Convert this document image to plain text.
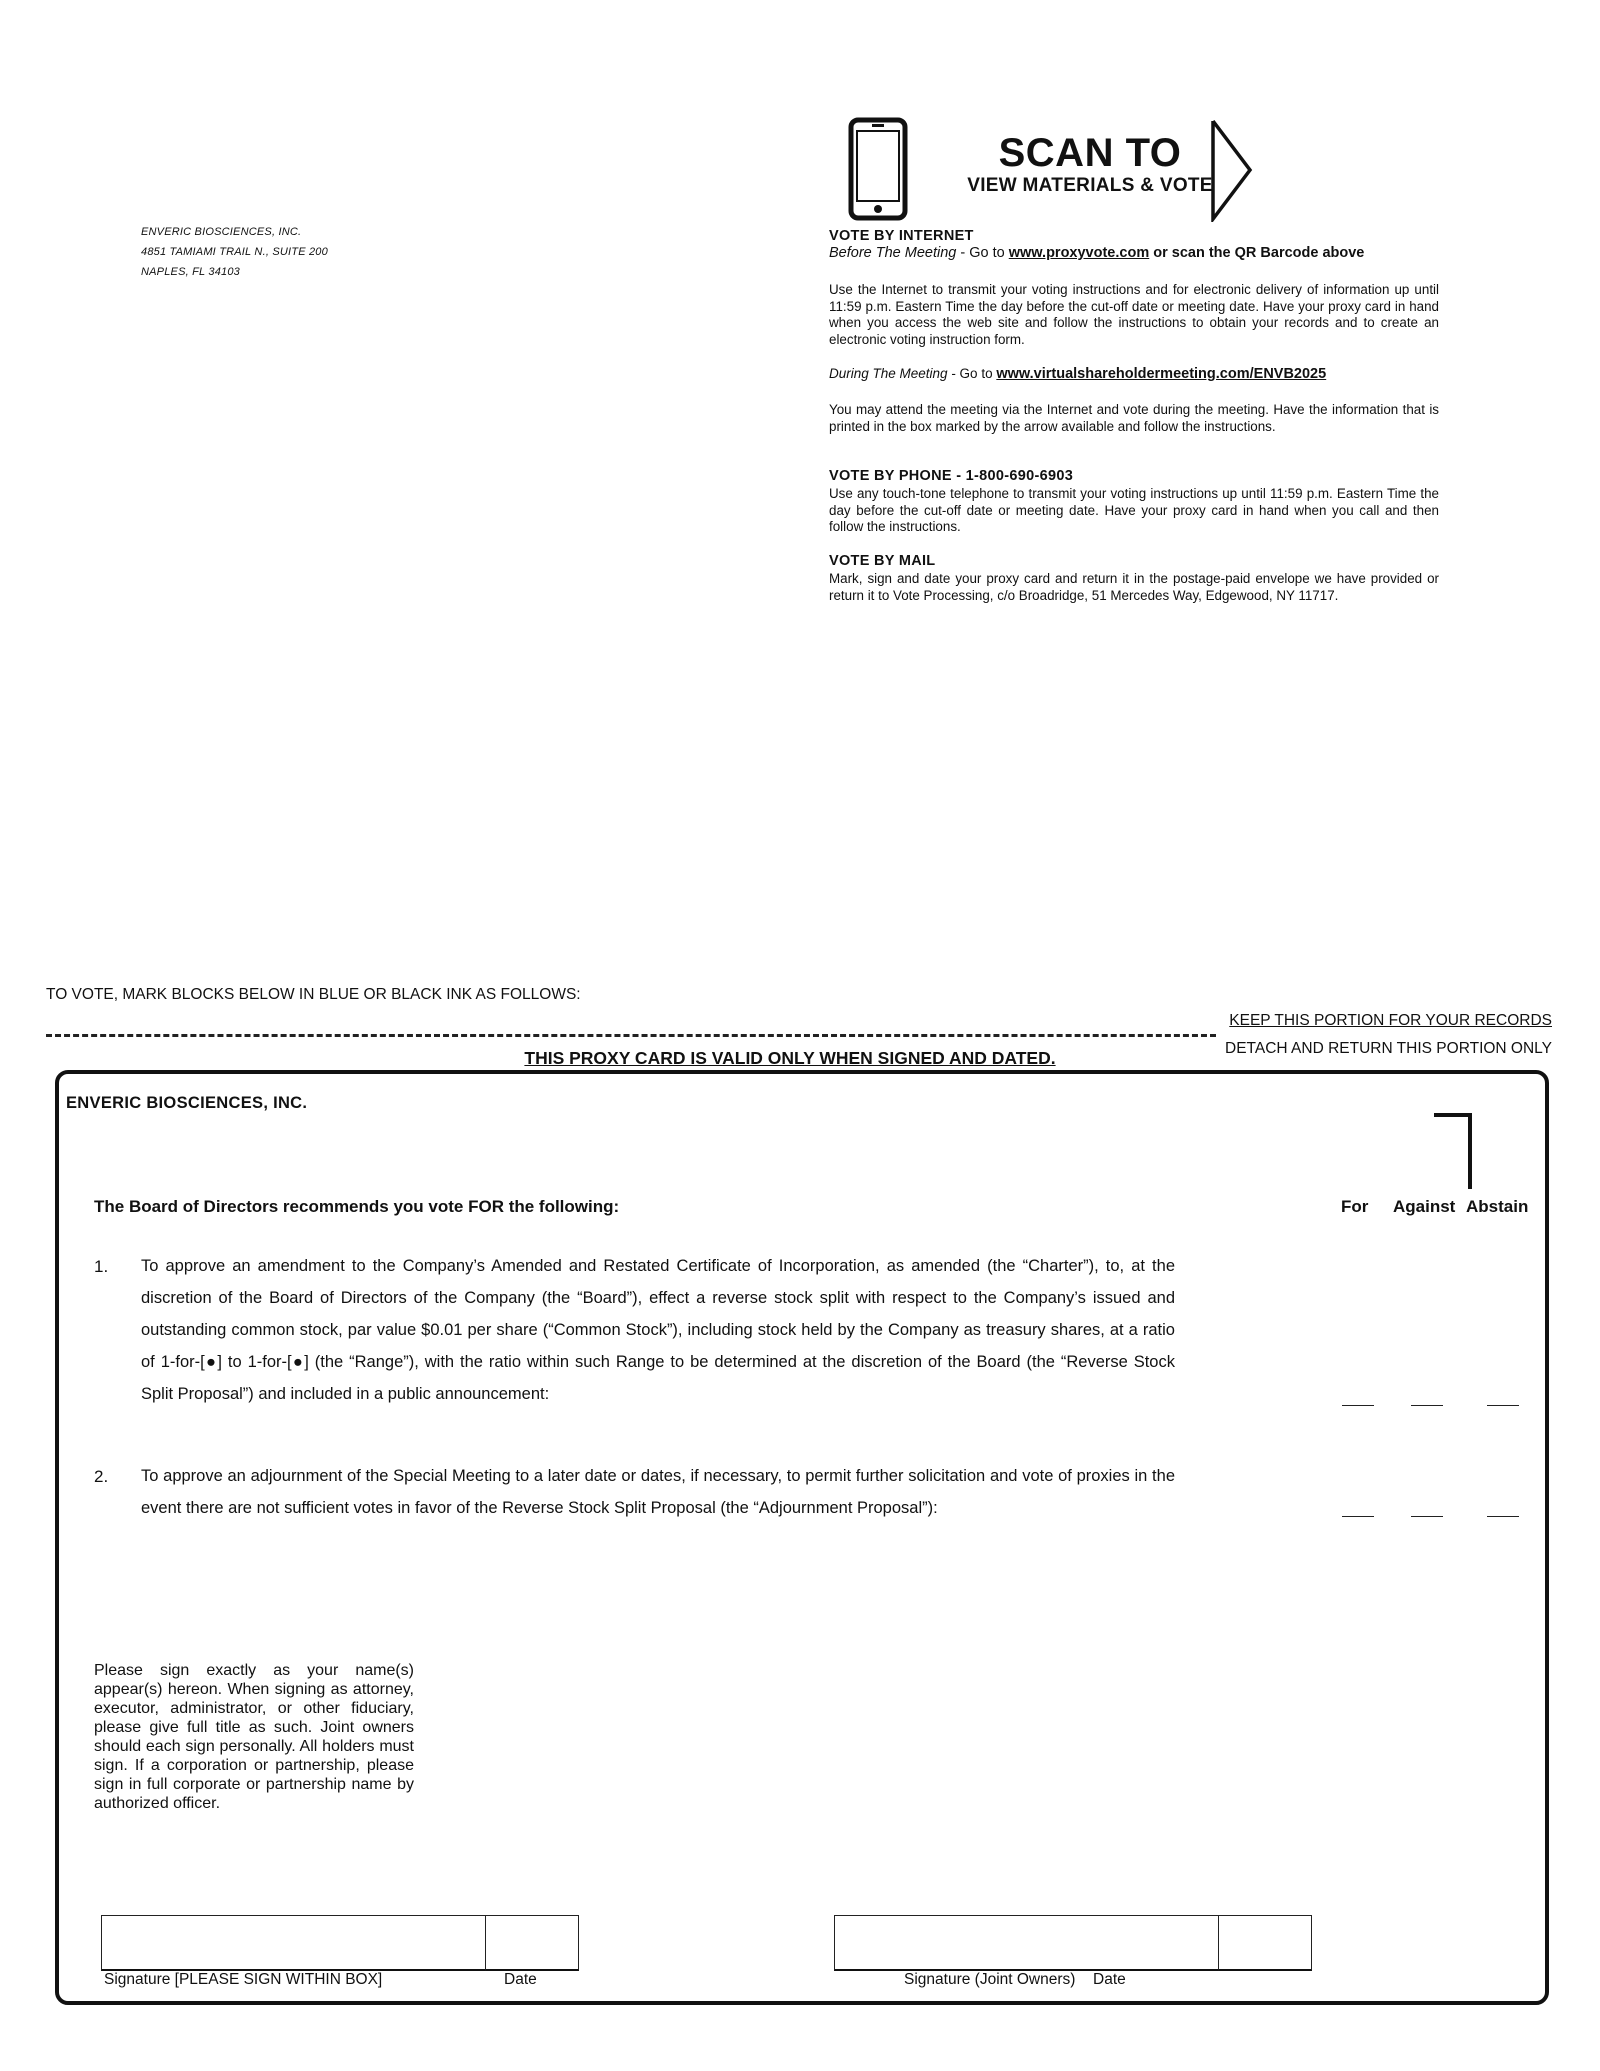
ENVERIC BIOSCIENCES, INC.
4851 TAMIAMI TRAIL N., SUITE 200
NAPLES, FL 34103
SCAN TO
VIEW MATERIALS & VOTE
VOTE BY INTERNET
Before The Meeting - Go to www.proxyvote.com or scan the QR Barcode above
Use the Internet to transmit your voting instructions and for electronic delivery of information up until 11:59 p.m. Eastern Time the day before the cut-off date or meeting date. Have your proxy card in hand when you access the web site and follow the instructions to obtain your records and to create an electronic voting instruction form.
During The Meeting - Go to www.virtualshareholdermeeting.com/ENVB2025
You may attend the meeting via the Internet and vote during the meeting. Have the information that is printed in the box marked by the arrow available and follow the instructions.
VOTE BY PHONE - 1-800-690-6903
Use any touch-tone telephone to transmit your voting instructions up until 11:59 p.m. Eastern Time the day before the cut-off date or meeting date. Have your proxy card in hand when you call and then follow the instructions.
VOTE BY MAIL
Mark, sign and date your proxy card and return it in the postage-paid envelope we have provided or return it to Vote Processing, c/o Broadridge, 51 Mercedes Way, Edgewood, NY 11717.
TO VOTE, MARK BLOCKS BELOW IN BLUE OR BLACK INK AS FOLLOWS:
KEEP THIS PORTION FOR YOUR RECORDS
DETACH AND RETURN THIS PORTION ONLY
THIS PROXY CARD IS VALID ONLY WHEN SIGNED AND DATED.
ENVERIC BIOSCIENCES, INC.
The Board of Directors recommends you vote FOR the following:	For Against Abstain
1. To approve an amendment to the Company’s Amended and Restated Certificate of Incorporation, as amended (the “Charter”), to, at the discretion of the Board of Directors of the Company (the “Board”), effect a reverse stock split with respect to the Company’s issued and outstanding common stock, par value $0.01 per share (“Common Stock”), including stock held by the Company as treasury shares, at a ratio of 1-for-[●] to 1-for-[●] (the “Range”), with the ratio within such Range to be determined at the discretion of the Board (the “Reverse Stock Split Proposal”) and included in a public announcement:
2. To approve an adjournment of the Special Meeting to a later date or dates, if necessary, to permit further solicitation and vote of proxies in the event there are not sufficient votes in favor of the Reverse Stock Split Proposal (the “Adjournment Proposal”):
Please sign exactly as your name(s) appear(s) hereon. When signing as attorney, executor, administrator, or other fiduciary, please give full title as such. Joint owners should each sign personally. All holders must sign. If a corporation or partnership, please sign in full corporate or partnership name by authorized officer.
Signature [PLEASE SIGN WITHIN BOX]	Date	Signature (Joint Owners) Date
